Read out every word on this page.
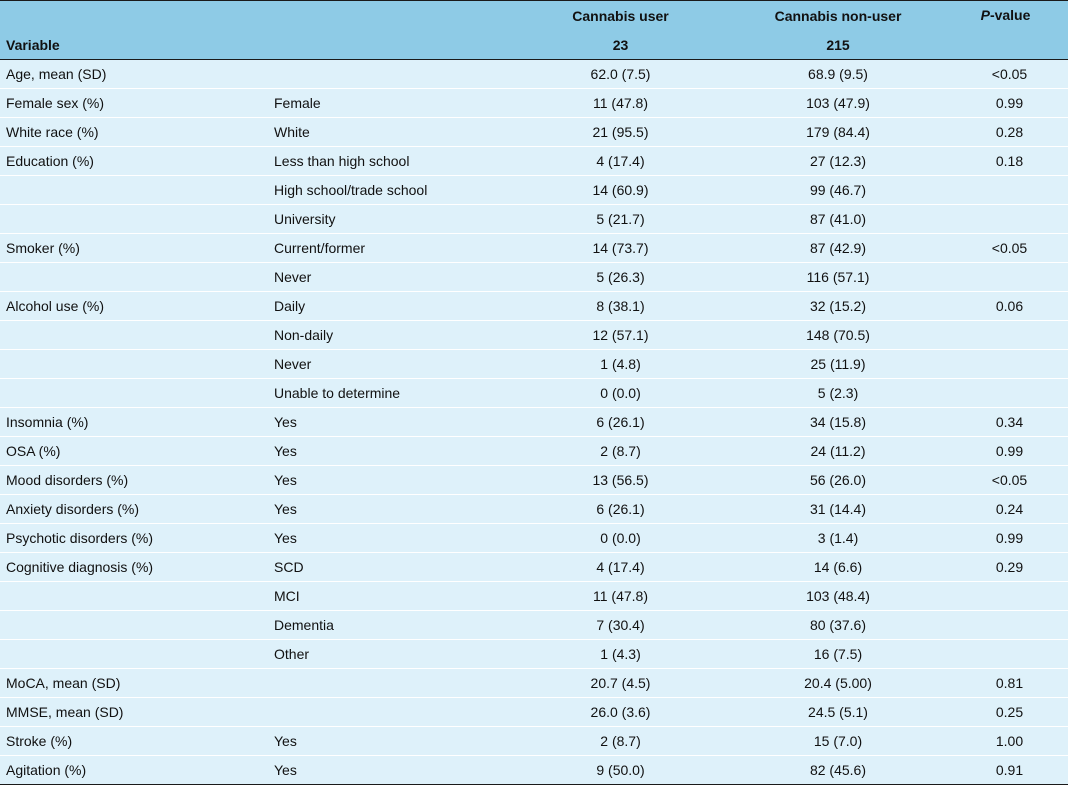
Variable		Cannabis user	Cannabis non-user	P-value
		23	215	
Age, mean (SD)		62.0 (7.5)	68.9 (9.5)	<0.05
Female sex (%)	Female	11 (47.8)	103 (47.9)	0.99
White race (%)	White	21 (95.5)	179 (84.4)	0.28
Education (%)	Less than high school	4 (17.4)	27 (12.3)	0.18
	High school/trade school	14 (60.9)	99 (46.7)	
	University	5 (21.7)	87 (41.0)	
Smoker (%)	Current/former	14 (73.7)	87 (42.9)	<0.05
	Never	5 (26.3)	116 (57.1)	
Alcohol use (%)	Daily	8 (38.1)	32 (15.2)	0.06
	Non-daily	12 (57.1)	148 (70.5)	
	Never	1 (4.8)	25 (11.9)	
	Unable to determine	0 (0.0)	5 (2.3)	
Insomnia (%)	Yes	6 (26.1)	34 (15.8)	0.34
OSA (%)	Yes	2 (8.7)	24 (11.2)	0.99
Mood disorders (%)	Yes	13 (56.5)	56 (26.0)	<0.05
Anxiety disorders (%)	Yes	6 (26.1)	31 (14.4)	0.24
Psychotic disorders (%)	Yes	0 (0.0)	3 (1.4)	0.99
Cognitive diagnosis (%)	SCD	4 (17.4)	14 (6.6)	0.29
	MCI	11 (47.8)	103 (48.4)	
	Dementia	7 (30.4)	80 (37.6)	
	Other	1 (4.3)	16 (7.5)	
MoCA, mean (SD)		20.7 (4.5)	20.4 (5.00)	0.81
MMSE, mean (SD)		26.0 (3.6)	24.5 (5.1)	0.25
Stroke (%)	Yes	2 (8.7)	15 (7.0)	1.00
Agitation (%)	Yes	9 (50.0)	82 (45.6)	0.91
